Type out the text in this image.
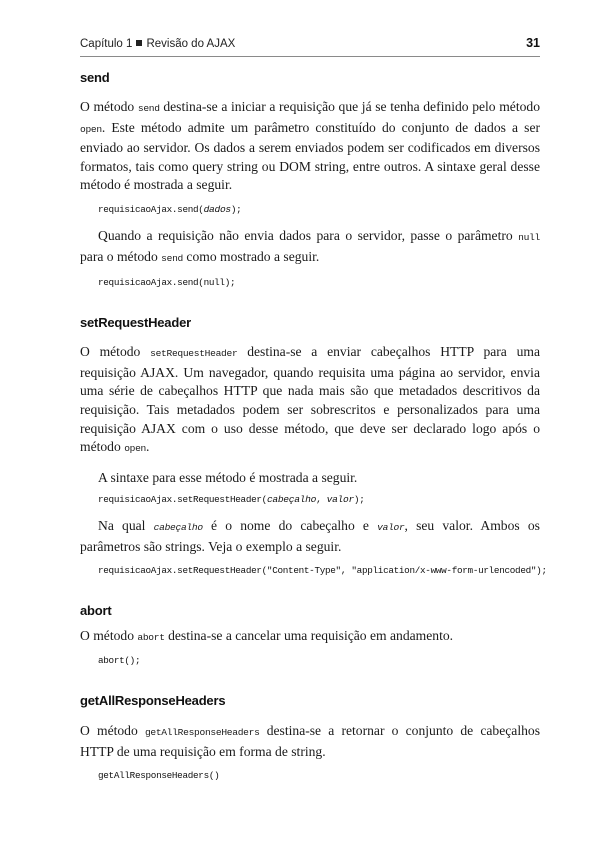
Capítulo 1 Revisão do AJAX	31
send

O método send destina-se a iniciar a requisição que já se tenha definido pelo método open. Este método admite um parâmetro constituído do conjunto de dados a ser enviado ao servidor. Os dados a serem enviados podem ser codificados em diversos formatos, tais como query string ou DOM string, entre outros. A sintaxe geral desse método é mostrada a seguir.

requisicaoAjax.send(dados);

Quando a requisição não envia dados para o servidor, passe o parâmetro null para o método send como mostrado a seguir.

requisicaoAjax.send(null);
setRequestHeader

O método setRequestHeader destina-se a enviar cabeçalhos HTTP para uma requisição AJAX. Um navegador, quando requisita uma página ao servidor, envia uma série de cabeçalhos HTTP que nada mais são que metadados descritivos da requisição. Tais metadados podem ser sobrescritos e personalizados para uma requisição AJAX com o uso desse método, que deve ser declarado logo após o método open.

A sintaxe para esse método é mostrada a seguir.

requisicaoAjax.setRequestHeader(cabeçalho, valor);

Na qual cabeçalho é o nome do cabeçalho e valor, seu valor. Ambos os parâmetros são strings. Veja o exemplo a seguir.

requisicaoAjax.setRequestHeader("Content-Type", "application/x-www-form-urlencoded");
abort

O método abort destina-se a cancelar uma requisição em andamento.

abort();
getAllResponseHeaders

O método getAllResponseHeaders destina-se a retornar o conjunto de cabeçalhos HTTP de uma requisição em forma de string.

getAllResponseHeaders()
